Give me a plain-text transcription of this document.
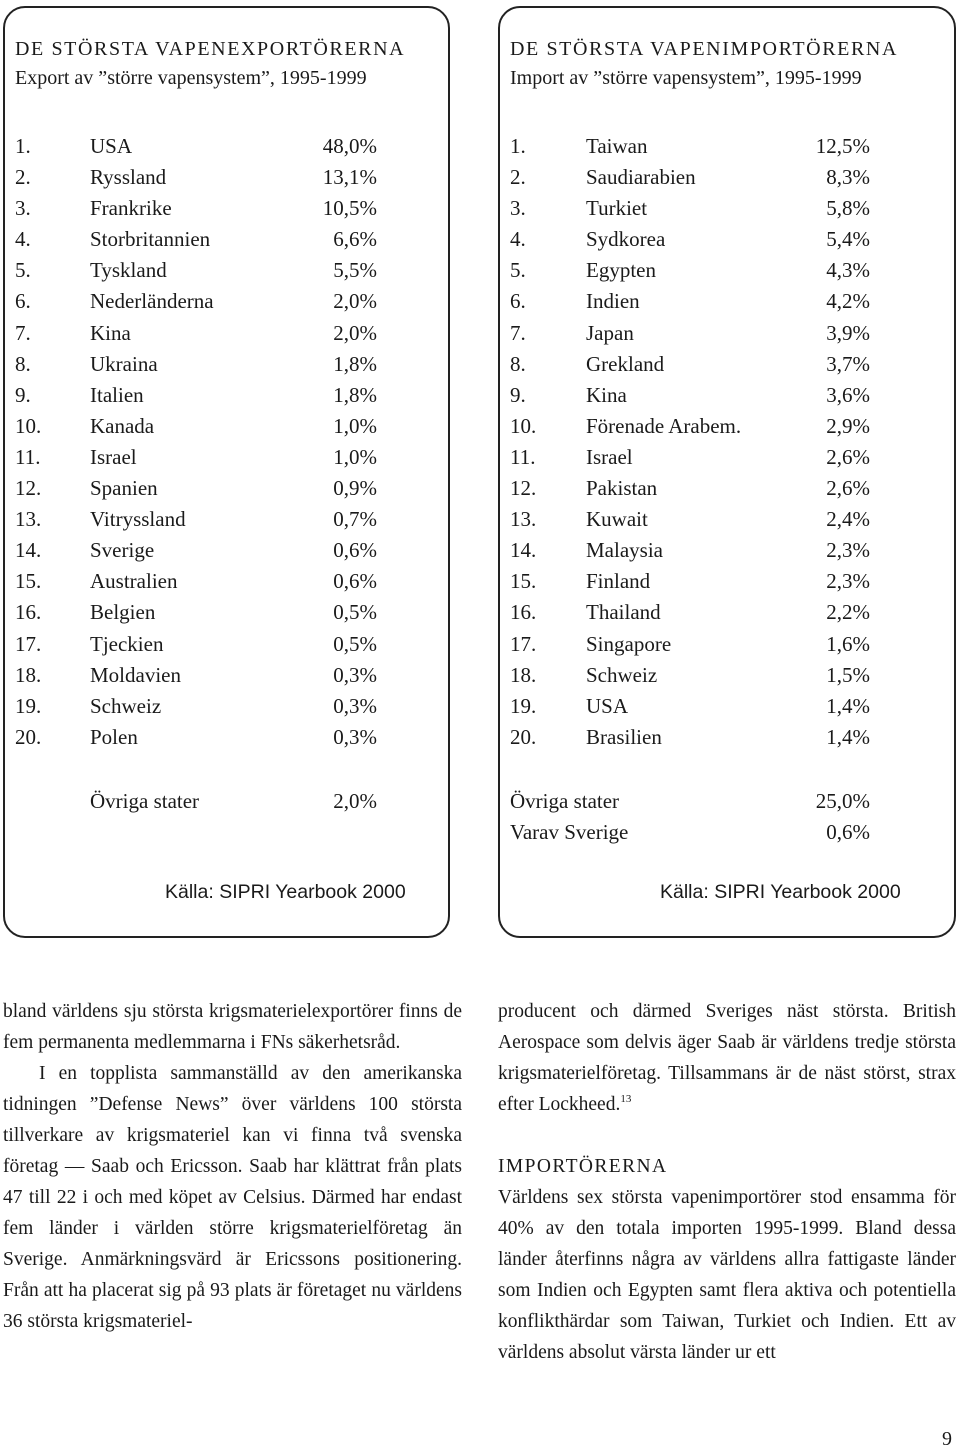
DE STÖRSTA VAPENEXPORTÖRERNA
Export av ”större vapensystem”, 1995-1999
1.	USA	48,0%
2.	Ryssland	13,1%
3.	Frankrike	10,5%
4.	Storbritannien	6,6%
5.	Tyskland	5,5%
6.	Nederländerna	2,0%
7.	Kina	2,0%
8.	Ukraina	1,8%
9.	Italien	1,8%
10. Kanada	1,0%
11. Israel	1,0%
12. Spanien	0,9%
13. Vitryssland	0,7%
14. Sverige	0,6%
15. Australien	0,6%
16. Belgien	0,5%
17. Tjeckien	0,5%
18. Moldavien	0,3%
19. Schweiz	0,3%
20. Polen	0,3%
Övriga stater	2,0%
Källa: SIPRI Yearbook 2000
DE STÖRSTA VAPENIMPORTÖRERNA
Import av ”större vapensystem”, 1995-1999
1.	Taiwan	12,5%
2.	Saudiarabien	8,3%
3.	Turkiet	5,8%
4.	Sydkorea	5,4%
5.	Egypten	4,3%
6.	Indien	4,2%
7.	Japan	3,9%
8.	Grekland	3,7%
9.	Kina	3,6%
10. Förenade Arabem.	2,9%
11. Israel	2,6%
12. Pakistan	2,6%
13. Kuwait	2,4%
14. Malaysia	2,3%
15. Finland	2,3%
16. Thailand	2,2%
17. Singapore	1,6%
18. Schweiz	1,5%
19. USA	1,4%
20. Brasilien	1,4%
Övriga stater	25,0%
Varav Sverige	0,6%
Källa: SIPRI Yearbook 2000

bland världens sju största krigsmaterielexportörer finns de fem permanenta medlemmarna i FNs säkerhetsråd.

I en topplista sammanställd av den amerikanska tidningen ”Defense News” över världens 100 största tillverkare av krigsmateriel kan vi finna två svenska företag — Saab och Ericsson. Saab har klättrat från plats 47 till 22 i och med köpet av Celsius. Därmed har endast fem länder i världen större krigsmaterielföretag än Sverige. Anmärkningsvärd är Ericssons positionering. Från att ha placerat sig på 93 plats är företaget nu världens 36 största krigsmateriel-

producent och därmed Sveriges näst största. British Aerospace som delvis äger Saab är världens tredje största krigsmaterielföretag. Tillsammans är de näst störst, strax efter Lockheed.$^{13}$

IMPORTÖRERNA

Världens sex största vapenimportörer stod ensamma för 40% av den totala importen 1995-1999. Bland dessa länder återfinns några av världens allra fattigaste länder som Indien och Egypten samt flera aktiva och potentiella konflikthärdar som Taiwan, Turkiet och Indien. Ett av världens absolut värsta länder ur ett

9
